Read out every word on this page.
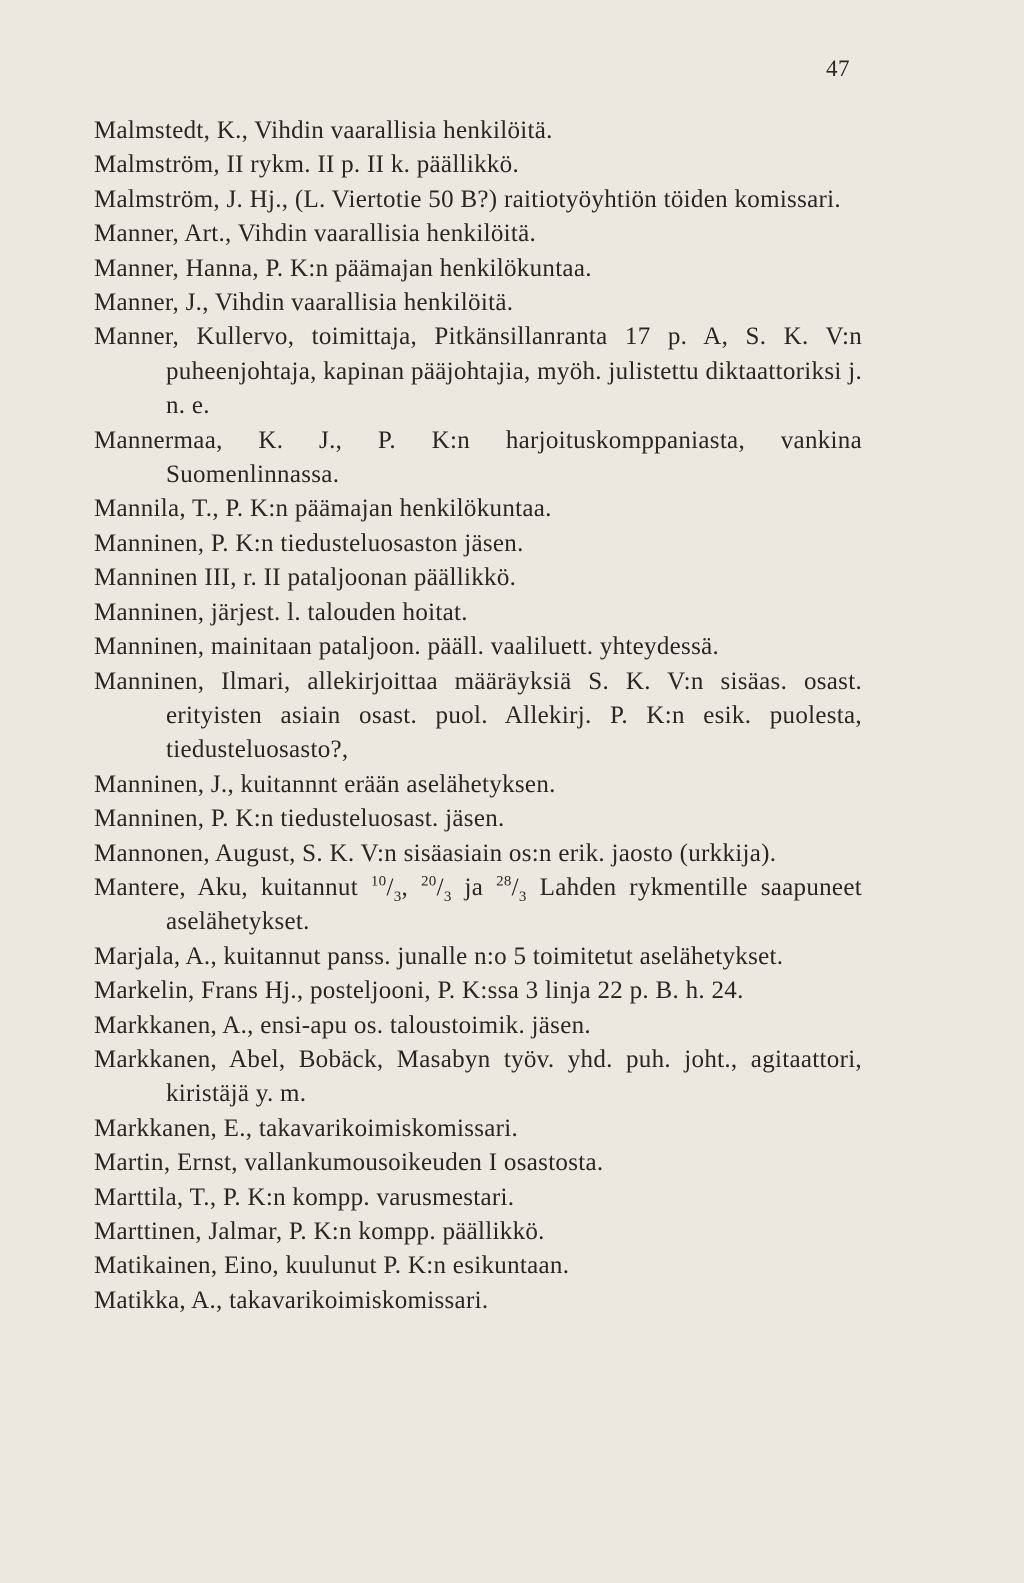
47
Malmstedt, K., Vihdin vaarallisia henkilöitä.
Malmström, II rykm. II p. II k. päällikkö.
Malmström, J. Hj., (L. Viertotie 50 B?) raitiotyöyhtiön töiden komissari.
Manner, Art., Vihdin vaarallisia henkilöitä.
Manner, Hanna, P. K:n päämajan henkilökuntaa.
Manner, J., Vihdin vaarallisia henkilöitä.
Manner, Kullervo, toimittaja, Pitkänsillanranta 17 p. A, S. K. V:n puheenjohtaja, kapinan pääjohtajia, myöh. julistettu diktaattoriksi j. n. e.
Mannermaa, K. J., P. K:n harjoituskomppaniasta, vankina Suomenlinnassa.
Mannila, T., P. K:n päämajan henkilökuntaa.
Manninen, P. K:n tiedusteluosaston jäsen.
Manninen III, r. II pataljoonan päällikkö.
Manninen, järjest. l. talouden hoitat.
Manninen, mainitaan pataljoon. pääll. vaaliluett. yhteydessä.
Manninen, Ilmari, allekirjoittaa määräyksiä S. K. V:n sisäas. osast. erityisten asiain osast. puol. Allekirj. P. K:n esik. puolesta, tiedusteluosasto?,
Manninen, J., kuitannnt erään aselähetyksen.
Manninen, P. K:n tiedusteluosast. jäsen.
Mannonen, August, S. K. V:n sisäasiain os:n erik. jaosto (urkkija).
Mantere, Aku, kuitannut $^{10}/_3$, $^{20}/_3$ ja $^{28}/_3$ Lahden rykmentille saapuneet aselähetykset.
Marjala, A., kuitannut panss. junalle n:o 5 toimitetut aselähetykset.
Markelin, Frans Hj., posteljooni, P. K:ssa 3 linja 22 p. B. h. 24.
Markkanen, A., ensi-apu os. taloustoimik. jäsen.
Markkanen, Abel, Bobäck, Masabyn työv. yhd. puh. joht., agitaattori, kiristäjä y. m.
Markkanen, E., takavarikoimiskomissari.
Martin, Ernst, vallankumousoikeuden I osastosta.
Marttila, T., P. K:n kompp. varusmestari.
Marttinen, Jalmar, P. K:n kompp. päällikkö.
Matikainen, Eino, kuulunut P. K:n esikuntaan.
Matikka, A., takavarikoimiskomissari.
